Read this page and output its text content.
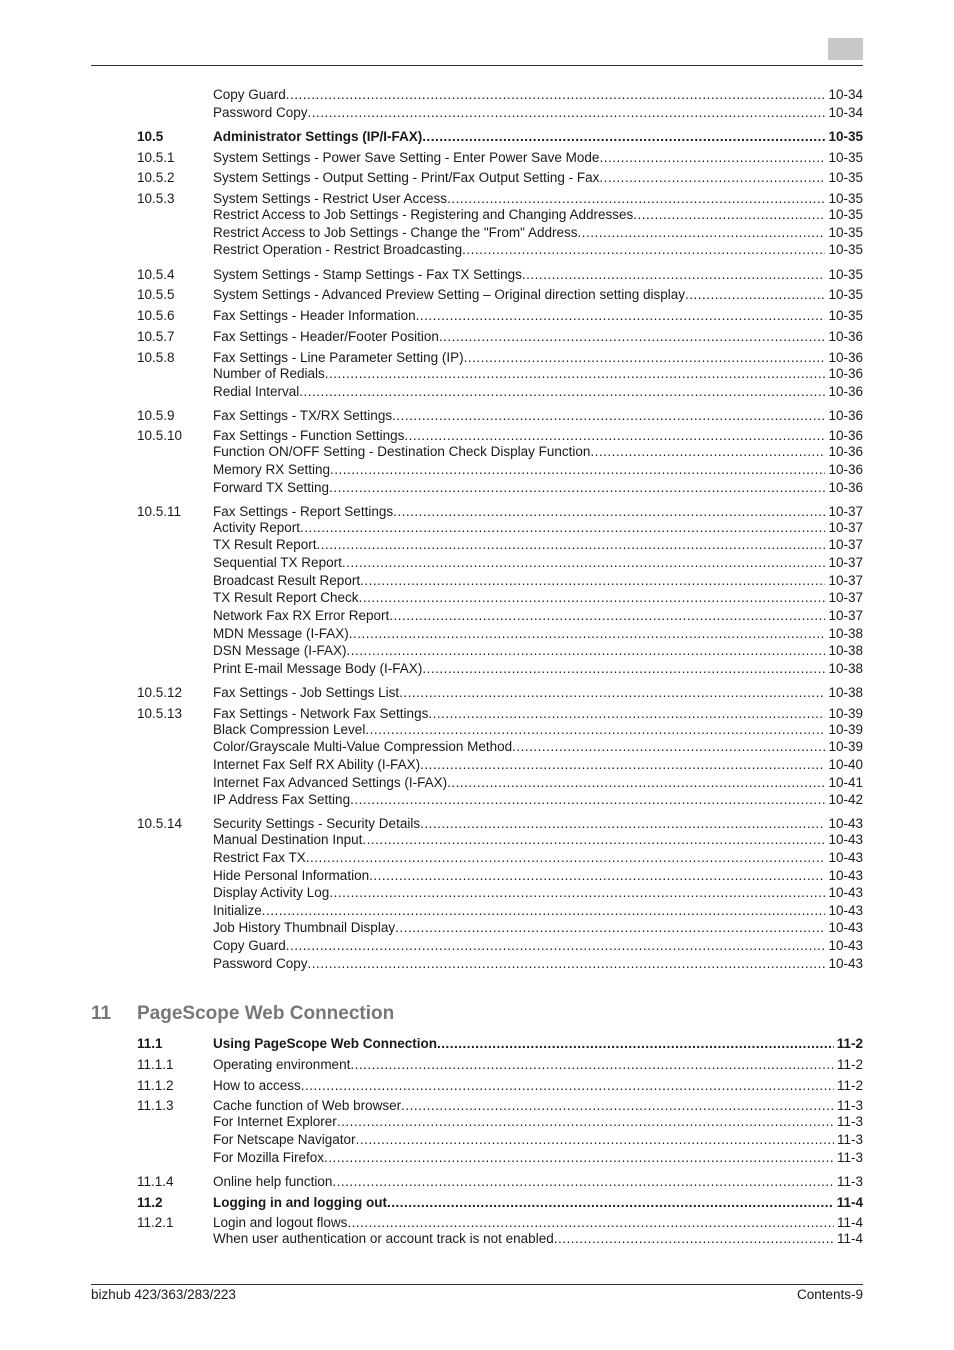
Copy Guard .....	10-34
Password Copy .....	10-34
10.5	Administrator Settings (IP/I-FAX) .....	10-35
10.5.1	System Settings - Power Save Setting - Enter Power Save Mode .....	10-35
10.5.2	System Settings - Output Setting - Print/Fax Output Setting - Fax .....	10-35
10.5.3	System Settings - Restrict User Access .....	10-35
Restrict Access to Job Settings - Registering and Changing Addresses .....	10-35
Restrict Access to Job Settings - Change the "From" Address .....	10-35
Restrict Operation - Restrict Broadcasting .....	10-35
10.5.4	System Settings - Stamp Settings - Fax TX Settings .....	10-35
10.5.5	System Settings - Advanced Preview Setting – Original direction setting display .....	10-35
10.5.6	Fax Settings - Header Information .....	10-35
10.5.7	Fax Settings - Header/Footer Position .....	10-36
10.5.8	Fax Settings - Line Parameter Setting (IP) .....	10-36
Number of Redials .....	10-36
Redial Interval .....	10-36
10.5.9	Fax Settings - TX/RX Settings .....	10-36
10.5.10 Fax Settings - Function Settings .....	10-36
Function ON/OFF Setting - Destination Check Display Function .....	10-36
Memory RX Setting .....	10-36
Forward TX Setting .....	10-36
10.5.11 Fax Settings - Report Settings .....	10-37
Activity Report .....	10-37
TX Result Report .....	10-37
Sequential TX Report .....	10-37
Broadcast Result Report .....	10-37
TX Result Report Check .....	10-37
Network Fax RX Error Report .....	10-37
MDN Message (I-FAX) .....	10-38
DSN Message (I-FAX) .....	10-38
Print E-mail Message Body (I-FAX) .....	10-38
10.5.12 Fax Settings - Job Settings List .....	10-38
10.5.13 Fax Settings - Network Fax Settings .....	10-39
Black Compression Level .....	10-39
Color/Grayscale Multi-Value Compression Method .....	10-39
Internet Fax Self RX Ability (I-FAX) .....	10-40
Internet Fax Advanced Settings (I-FAX) .....	10-41
IP Address Fax Setting .....	10-42
10.5.14 Security Settings - Security Details .....	10-43
Manual Destination Input .....	10-43
Restrict Fax TX .....	10-43
Hide Personal Information .....	10-43
Display Activity Log .....	10-43
Initialize .....	10-43
Job History Thumbnail Display .....	10-43
Copy Guard .....	10-43
Password Copy .....	10-43
11.1	Using PageScope Web Connection .....	11-2
11.1.1	Operating environment .....	11-2
11.1.2	How to access .....	11-2
11.1.3	Cache function of Web browser .....	11-3
For Internet Explorer .....	11-3
For Netscape Navigator .....	11-3
For Mozilla Firefox .....	11-3
11.1.4	Online help function .....	11-3
11.2	Logging in and logging out .....	11-4
11.2.1	Login and logout flows .....	11-4
When user authentication or account track is not enabled .....	11-4
11 PageScope Web Connection
bizhub 423/363/283/223	Contents-9
